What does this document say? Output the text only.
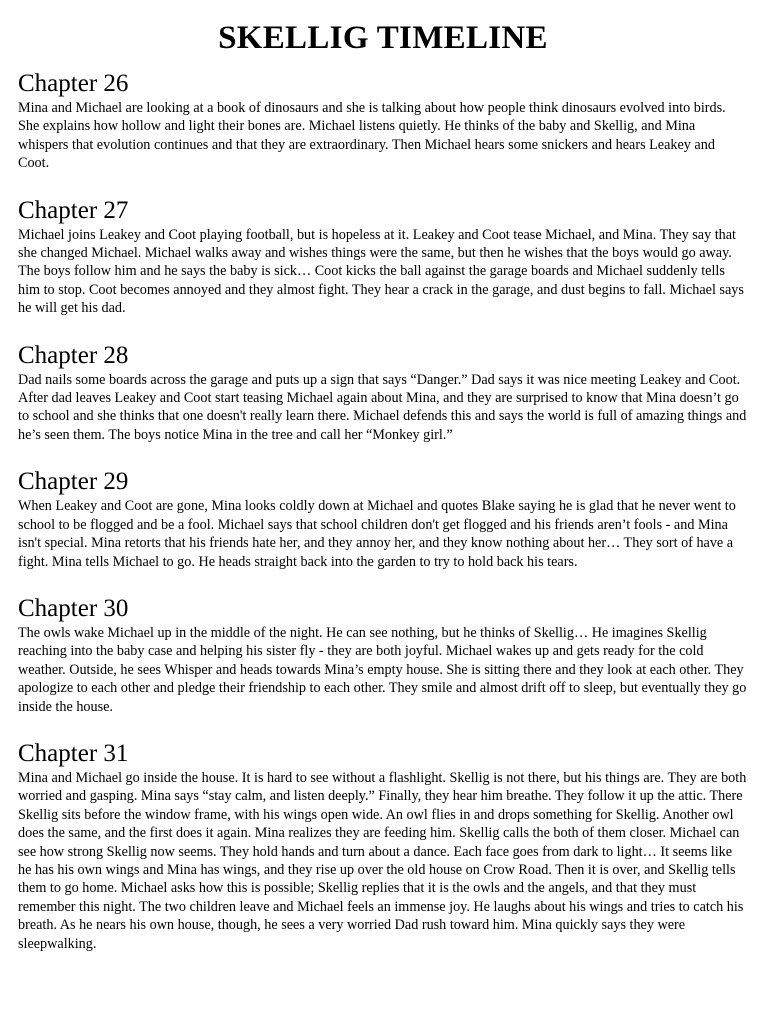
SKELLIG TIMELINE
Chapter 26

Mina and Michael are looking at a book of dinosaurs and she is talking about how people think dinosaurs evolved into birds. She explains how hollow and light their bones are. Michael listens quietly. He thinks of the baby and Skellig, and Mina whispers that evolution continues and that they are extraordinary. Then Michael hears some snickers and hears Leakey and Coot.

Chapter 27

Michael joins Leakey and Coot playing football, but is hopeless at it. Leakey and Coot tease Michael, and Mina. They say that she changed Michael. Michael walks away and wishes things were the same, but then he wishes that the boys would go away. The boys follow him and he says the baby is sick… Coot kicks the ball against the garage boards and Michael suddenly tells him to stop. Coot becomes annoyed and they almost fight. They hear a crack in the garage, and dust begins to fall. Michael says he will get his dad.

Chapter 28

Dad nails some boards across the garage and puts up a sign that says “Danger.” Dad says it was nice meeting Leakey and Coot. After dad leaves Leakey and Coot start teasing Michael again about Mina, and they are surprised to know that Mina doesn’t go to school and she thinks that one doesn't really learn there. Michael defends this and says the world is full of amazing things and he’s seen them. The boys notice Mina in the tree and call her “Monkey girl.”

Chapter 29

When Leakey and Coot are gone, Mina looks coldly down at Michael and quotes Blake saying he is glad that he never went to school to be flogged and be a fool. Michael says that school children don't get flogged and his friends aren’t fools - and Mina isn't special. Mina retorts that his friends hate her, and they annoy her, and they know nothing about her… They sort of have a fight. Mina tells Michael to go. He heads straight back into the garden to try to hold back his tears.

Chapter 30

The owls wake Michael up in the middle of the night. He can see nothing, but he thinks of Skellig… He imagines Skellig reaching into the baby case and helping his sister fly - they are both joyful. Michael wakes up and gets ready for the cold weather. Outside, he sees Whisper and heads towards Mina’s empty house. She is sitting there and they look at each other. They apologize to each other and pledge their friendship to each other. They smile and almost drift off to sleep, but eventually they go inside the house.

Chapter 31

Mina and Michael go inside the house. It is hard to see without a flashlight. Skellig is not there, but his things are. They are both worried and gasping. Mina says “stay calm, and listen deeply.” Finally, they hear him breathe. They follow it up the attic. There Skellig sits before the window frame, with his wings open wide. An owl flies in and drops something for Skellig. Another owl does the same, and the first does it again. Mina realizes they are feeding him. Skellig calls the both of them closer. Michael can see how strong Skellig now seems. They hold hands and turn about a dance. Each face goes from dark to light… It seems like he has his own wings and Mina has wings, and they rise up over the old house on Crow Road. Then it is over, and Skellig tells them to go home. Michael asks how this is possible; Skellig replies that it is the owls and the angels, and that they must remember this night. The two children leave and Michael feels an immense joy. He laughs about his wings and tries to catch his breath. As he nears his own house, though, he sees a very worried Dad rush toward him. Mina quickly says they were sleepwalking.
